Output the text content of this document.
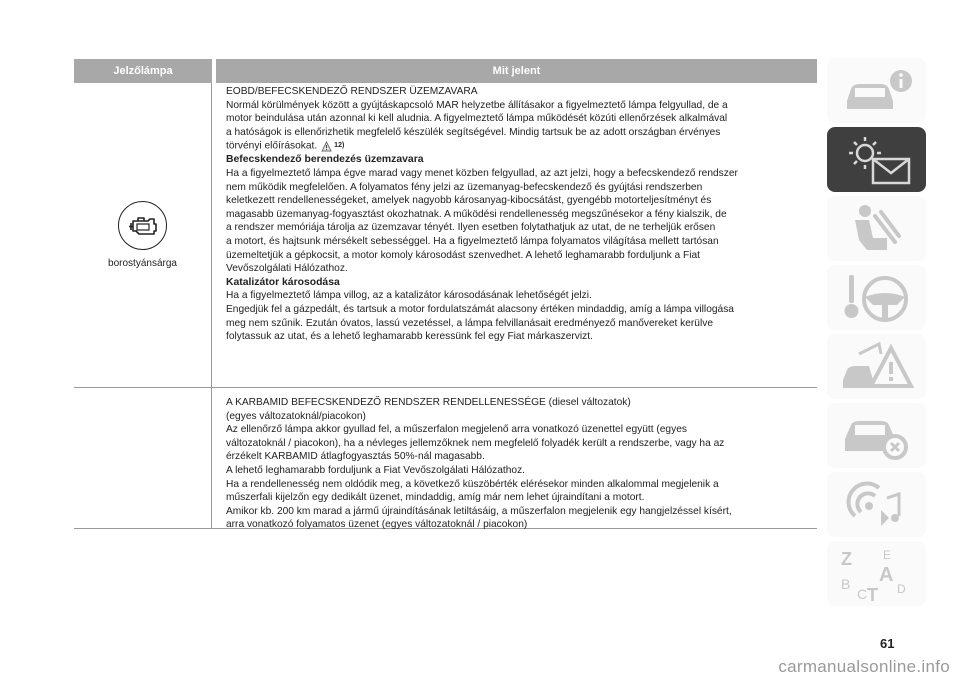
Jelzőlámpa	Mit jelent
borostyánsárga
EOBD/BEFECSKENDEZŐ RENDSZER ÜZEMZAVARA
Normál körülmények között a gyújtáskapcsoló MAR helyzetbe állításakor a figyelmeztető lámpa felgyullad, de a
motor beindulása után azonnal ki kell aludnia. A figyelmeztető lámpa működését közúti ellenőrzések alkalmával
a hatóságok is ellenőrizhetik megfelelő készülék segítségével. Mindig tartsuk be az adott országban érvényes
törvényi előírásokat. 12)
Befecskendező berendezés üzemzavara
Ha a figyelmeztető lámpa égve marad vagy menet közben felgyullad, az azt jelzi, hogy a befecskendező rendszer
nem működik megfelelően. A folyamatos fény jelzi az üzemanyag-befecskendező és gyújtási rendszerben
keletkezett rendellenességeket, amelyek nagyobb károsanyag-kibocsátást, gyengébb motorteljesítményt és
magasabb üzemanyag-fogyasztást okozhatnak. A működési rendellenesség megszűnésekor a fény kialszik, de
a rendszer memóriája tárolja az üzemzavar tényét. Ilyen esetben folytathatjuk az utat, de ne terheljük erősen
a motort, és hajtsunk mérsékelt sebességgel. Ha a figyelmeztető lámpa folyamatos világítása mellett tartósan
üzemeltetjük a gépkocsit, a motor komoly károsodást szenvedhet. A lehető leghamarabb forduljunk a Fiat
Vevőszolgálati Hálózathoz.
Katalizátor károsodása
Ha a figyelmeztető lámpa villog, az a katalizátor károsodásának lehetőségét jelzi.
Engedjük fel a gázpedált, és tartsuk a motor fordulatszámát alacsony értéken mindaddig, amíg a lámpa villogása
meg nem szűnik. Ezután óvatos, lassú vezetéssel, a lámpa felvillanásait eredményező manővereket kerülve
folytassuk az utat, és a lehető leghamarabb keressünk fel egy Fiat márkaszervizt.
A KARBAMID BEFECSKENDEZŐ RENDSZER RENDELLENESSÉGE (diesel változatok)
(egyes változatoknál/piacokon)
Az ellenőrző lámpa akkor gyullad fel, a műszerfalon megjelenő arra vonatkozó üzenettel együtt (egyes
változatoknál / piacokon), ha a névleges jellemzőknek nem megfelelő folyadék került a rendszerbe, vagy ha az
érzékelt KARBAMID átlagfogyasztás 50%-nál magasabb.
A lehető leghamarabb forduljunk a Fiat Vevőszolgálati Hálózathoz.
Ha a rendellenesség nem oldódik meg, a következő küszöbérték elérésekor minden alkalommal megjelenik a
műszerfali kijelzőn egy dedikált üzenet, mindaddig, amíg már nem lehet újraindítani a motort.
Amikor kb. 200 km marad a jármű újraindításának letiltásáig, a műszerfalon megjelenik egy hangjelzéssel kísért,
arra vonatkozó folyamatos üzenet (egyes változatoknál / piacokon)
Z	E
A
B
C T D
61
carmanualsonline.info
